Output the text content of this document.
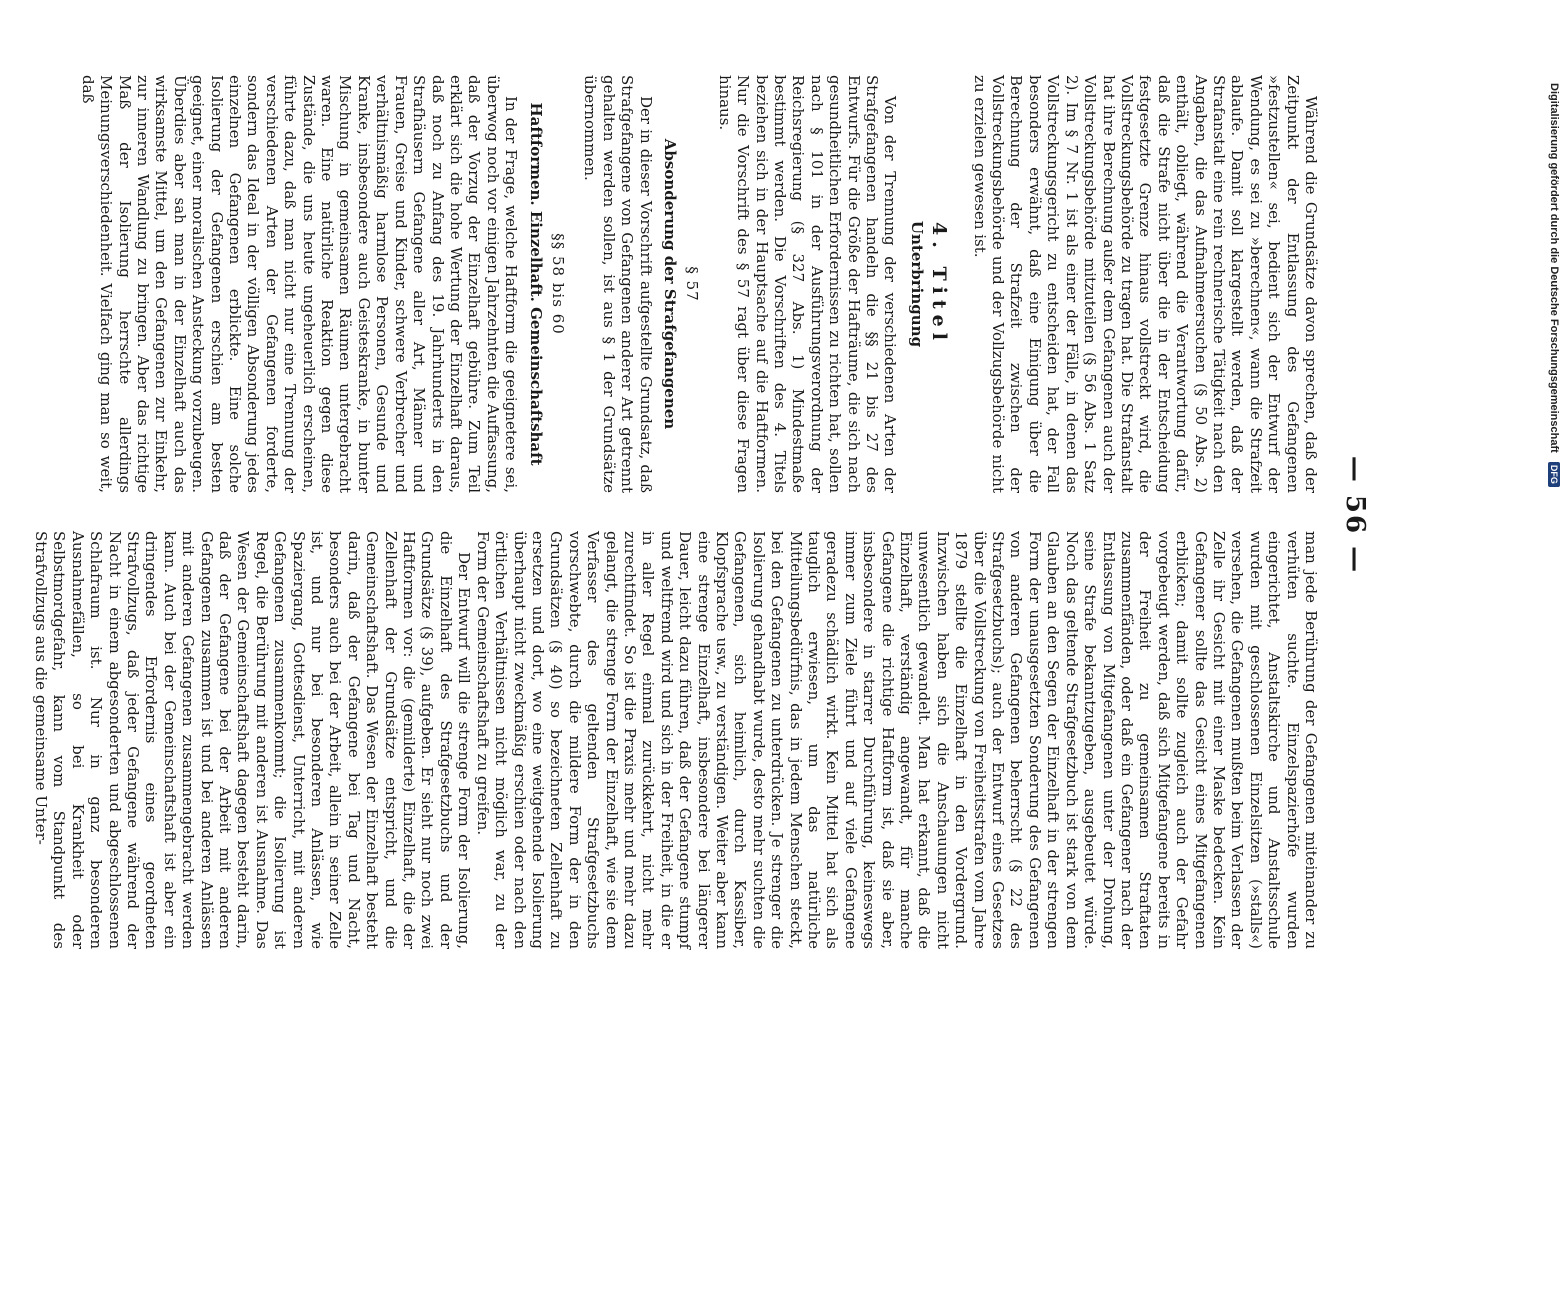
— 56 —

Während die Grundsätze davon sprechen, daß der Zeitpunkt der Entlassung des Gefangenen »festzustellen« sei, bedient sich der Entwurf der Wendung, es sei zu »berechnen«, wann die Strafzeit ablaufe. Damit soll klargestellt werden, daß der Strafanstalt eine rein rechnerische Tätigkeit nach den Angaben, die das Aufnahmeersuchen (§ 50 Abs. 2) enthält, obliegt, während die Verantwortung dafür, daß die Strafe nicht über die in der Entscheidung festgesetzte Grenze hinaus vollstreckt wird, die Vollstreckungsbehörde zu tragen hat. Die Strafanstalt hat ihre Berechnung außer dem Gefangenen auch der Vollstreckungsbehörde mitzuteilen (§ 56 Abs. 1 Satz 2). Im § 7 Nr. 1 ist als einer der Fälle, in denen das Vollstreckungsgericht zu entscheiden hat, der Fall besonders erwähnt, daß eine Einigung über die Berechnung der Strafzeit zwischen der Vollstreckungsbehörde und der Vollzugsbehörde nicht zu erzielen gewesen ist.

4. Titel
Unterbringung

Von der Trennung der verschiedenen Arten der Strafgefangenen handeln die §§ 21 bis 27 des Entwurfs. Für die Größe der Hafträume, die sich nach gesundheitlichen Erfordernissen zu richten hat, sollen nach § 101 in der Ausführungsverordnung der Reichsregierung (§ 327 Abs. 1) Mindestmaße bestimmt werden. Die Vorschriften des 4. Titels beziehen sich in der Hauptsache auf die Haftformen. Nur die Vorschrift des § 57 ragt über diese Fragen hinaus.

§ 57
Absonderung der Strafgefangenen

Der in dieser Vorschrift aufgestellte Grundsatz, daß Strafgefangene von Gefangenen anderer Art getrennt gehalten werden sollen, ist aus § 1 der Grundsätze übernommen.

§§ 58 bis 60
Haftformen. Einzelhaft. Gemeinschaftshaft

In der Frage, welche Haftform die geeignetere sei, überwog noch vor einigen Jahrzehnten die Auffassung, daß der Vorzug der Einzelhaft gebühre. Zum Teil erklärt sich die hohe Wertung der Einzelhaft daraus, daß noch zu Anfang des 19. Jahrhunderts in den Strafhäusern Gefangene aller Art, Männer und Frauen, Greise und Kinder, schwere Verbrecher und verhältnismäßig harmlose Personen, Gesunde und Kranke, insbesondere auch Geisteskranke, in bunter Mischung in gemeinsamen Räumen untergebracht waren. Eine natürliche Reaktion gegen diese Zustände, die uns heute ungeheuerlich erscheinen, führte dazu, daß man nicht nur eine Trennung der verschiedenen Arten der Gefangenen forderte, sondern das Ideal in der völligen Absonderung jedes einzelnen Gefangenen erblickte. Eine solche Isolierung der Gefangenen erschien am besten geeignet, einer moralischen Ansteckung vorzubeugen. Überdies aber sah man in der Einzelhaft auch das wirksamste Mittel, um den Gefangenen zur Einkehr, zur inneren Wandlung zu bringen. Aber das richtige Maß der Isolierung herrschte allerdings Meinungsverschiedenheit. Vielfach ging man so weit, daß

man jede Berührung der Gefangenen miteinander zu verhüten suchte. Einzelspazierhöfe wurden eingerichtet, Anstaltskirche und Anstaltsschule wurden mit geschlossenen Einzelsitzen (»stalls«) versehen, die Gefangenen mußten beim Verlassen der Zelle ihr Gesicht mit einer Maske bedecken. Kein Gefangener sollte das Gesicht eines Mitgefangenen erblicken; damit sollte zugleich auch der Gefahr vorgebeugt werden, daß sich Mitgefangene bereits in der Freiheit zu gemeinsamen Straftaten zusammenfänden, oder daß ein Gefangener nach der Entlassung von Mitgefangenen unter der Drohung, seine Strafe bekanntzugeben, ausgebeutet würde. Noch das geltende Strafgesetzbuch ist stark von dem Glauben an den Segen der Einzelhaft in der strengen Form der unausgesetzten Sonderung des Gefangenen von anderen Gefangenen beherrscht (§ 22 des Strafgesetzbuchs); auch der Entwurf eines Gesetzes über die Vollstreckung von Freiheitsstrafen vom Jahre 1879 stellte die Einzelhaft in den Vordergrund. Inzwischen haben sich die Anschauungen nicht unwesentlich gewandelt. Man hat erkannt, daß die Einzelhaft, verständig angewandt, für manche Gefangene die richtige Haftform ist, daß sie aber, insbesondere in starrer Durchführung, keineswegs immer zum Ziele führt und auf viele Gefangene geradezu schädlich wirkt. Kein Mittel hat sich als tauglich erwiesen, um das natürliche Mitteilungsbedürfnis, das in jedem Menschen steckt, bei den Gefangenen zu unterdrücken. Je strenger die Isolierung gehandhabt wurde, desto mehr suchten die Gefangenen, sich heimlich, durch Kassiber, Klopfsprache usw., zu verständigen. Weiter aber kann eine strenge Einzelhaft, insbesondere bei längerer Dauer, leicht dazu führen, daß der Gefangene stumpf und weltfremd wird und sich in der Freiheit, in die er in aller Regel einmal zurückkehrt, nicht mehr zurechtfindet. So ist die Praxis mehr und mehr dazu gelangt, die strenge Form der Einzelhaft, wie sie dem Verfasser des geltenden Strafgesetzbuchs vorschwebte, durch die mildere Form der in den Grundsätzen (§ 40) so bezeichneten Zellenhaft zu ersetzen und dort, wo eine weitgehende Isolierung überhaupt nicht zweckmäßig erschien oder nach den örtlichen Verhältnissen nicht möglich war, zu der Form der Gemeinschaftshaft zu greifen.

Der Entwurf will die strenge Form der Isolierung, die Einzelhaft des Strafgesetzbuchs und der Grundsätze (§ 39), aufgeben. Er sieht nur noch zwei Haftformen vor: die (gemilderte) Einzelhaft, die der Zellenhaft der Grundsätze entspricht, und die Gemeinschaftshaft. Das Wesen der Einzelhaft besteht darin, daß der Gefangene bei Tag und Nacht, besonders auch bei der Arbeit, allein in seiner Zelle ist, und nur bei besonderen Anlässen, wie Spaziergang, Gottesdienst, Unterricht, mit anderen Gefangenen zusammenkommt; die Isolierung ist Regel, die Berührung mit anderen ist Ausnahme. Das Wesen der Gemeinschaftshaft dagegen besteht darin, daß der Gefangene bei der Arbeit mit anderen Gefangenen zusammen ist und bei anderen Anlässen mit anderen Gefangenen zusammengebracht werden kann. Auch bei der Gemeinschaftshaft ist aber ein dringendes Erfordernis eines geordneten Strafvollzugs, daß jeder Gefangene während der Nacht in einem abgesonderten und abgeschlossenen Schlafraum ist. Nur in ganz besonderen Ausnahmefällen, so bei Krankheit oder Selbstmordgefahr, kann vom Standpunkt des Strafvollzugs aus die gemeinsame Unter-

Digitalisierung gefördert durch die Deutsche Forschungsgemeinschaft DFG
